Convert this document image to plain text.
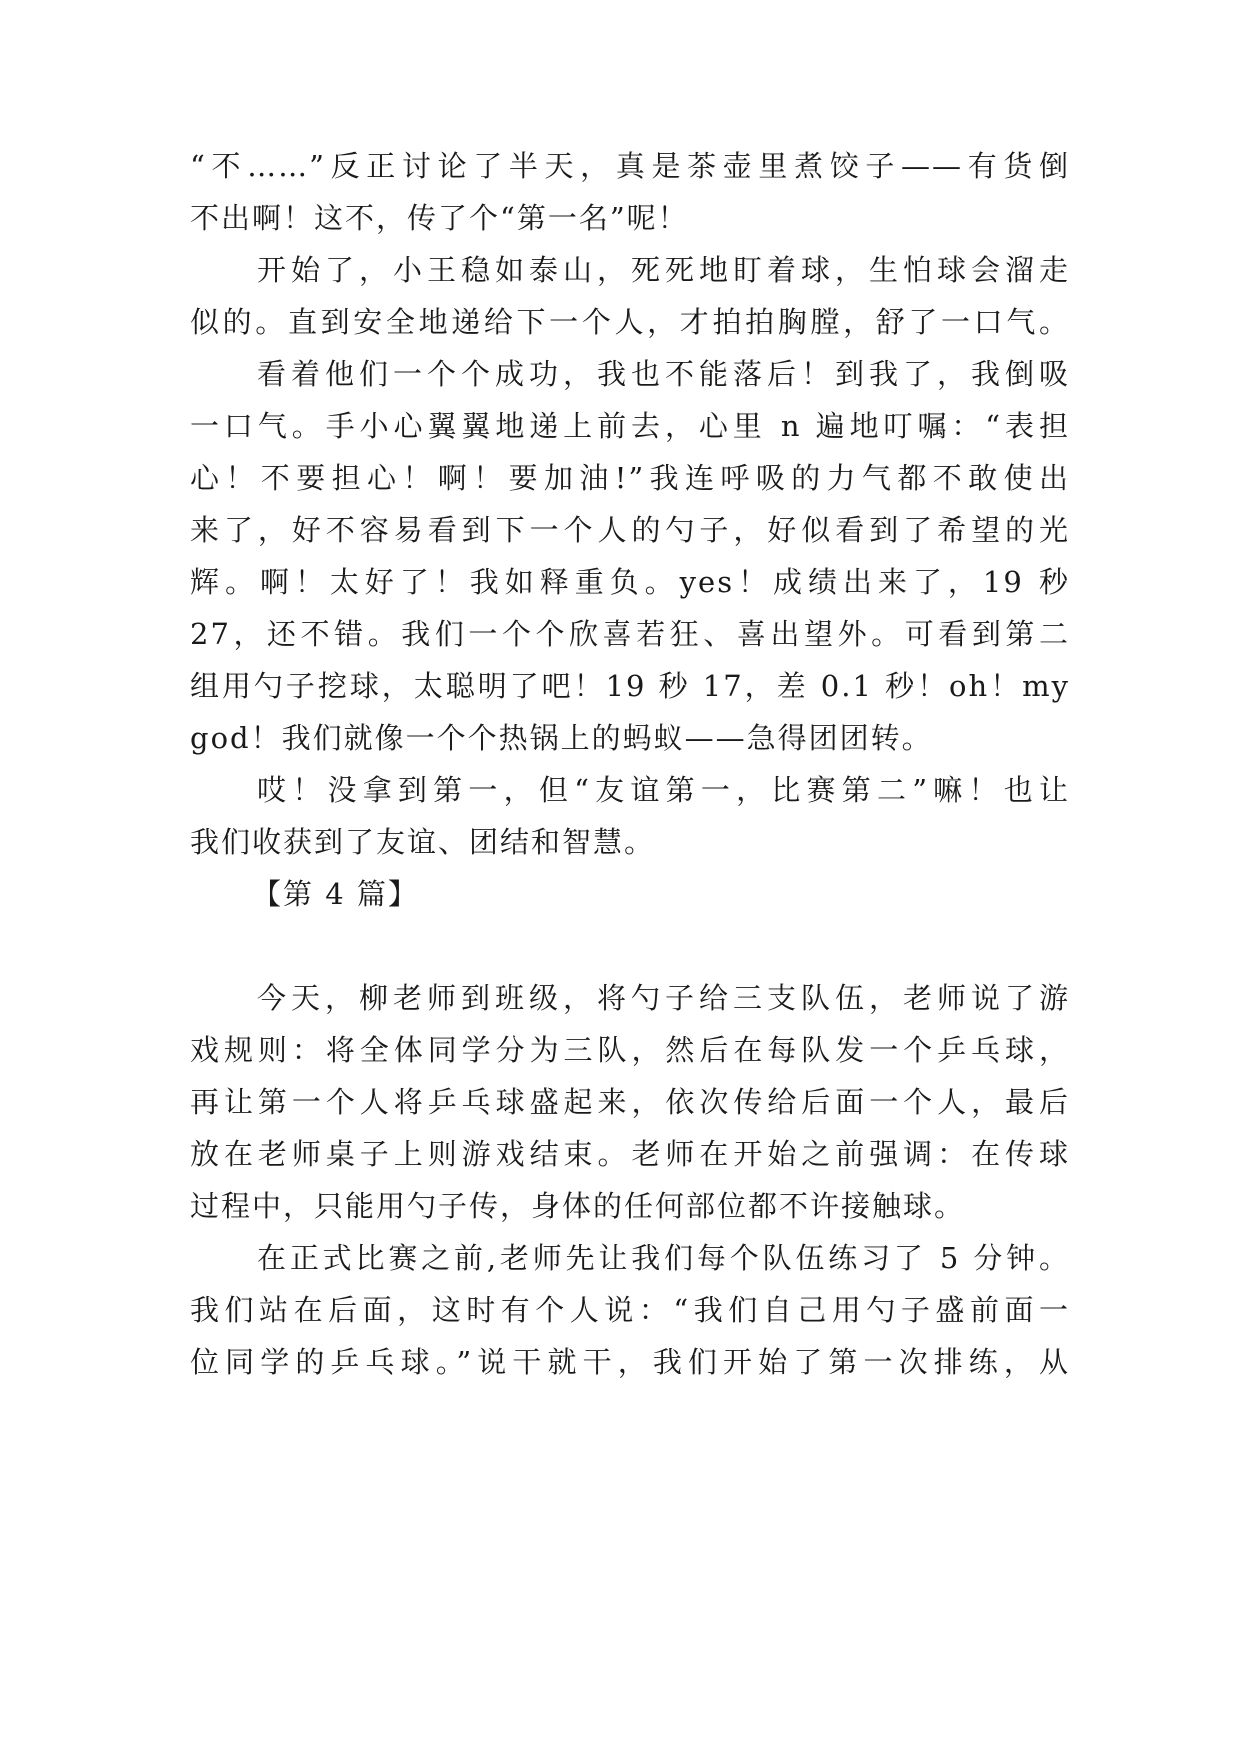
“不……”反正讨论了半天，真是茶壶里煮饺子——有货倒
不出啊！这不，传了个“第一名”呢！
开始了，小王稳如泰山，死死地盯着球，生怕球会溜走
似的。直到安全地递给下一个人，才拍拍胸膛，舒了一口气。
看着他们一个个成功，我也不能落后！到我了，我倒吸
一口气。手小心翼翼地递上前去，心里 n 遍地叮嘱：“表担
心！不要担心！啊！要加油!”我连呼吸的力气都不敢使出
来了，好不容易看到下一个人的勺子，好似看到了希望的光
辉。啊！太好了！我如释重负。yes！成绩出来了，19 秒
27，还不错。我们一个个欣喜若狂、喜出望外。可看到第二
组用勺子挖球，太聪明了吧！19 秒 17，差 0.1 秒！oh！my
god！我们就像一个个热锅上的蚂蚁——急得团团转。
哎！没拿到第一，但“友谊第一，比赛第二”嘛！也让
我们收获到了友谊、团结和智慧。
【第 4 篇】
今天，柳老师到班级，将勺子给三支队伍，老师说了游
戏规则：将全体同学分为三队，然后在每队发一个乒乓球，
再让第一个人将乒乓球盛起来，依次传给后面一个人，最后
放在老师桌子上则游戏结束。老师在开始之前强调：在传球
过程中，只能用勺子传，身体的任何部位都不许接触球。
在正式比赛之前,老师先让我们每个队伍练习了 5 分钟。
我们站在后面，这时有个人说：“我们自己用勺子盛前面一
位同学的乒乓球。”说干就干，我们开始了第一次排练，从
